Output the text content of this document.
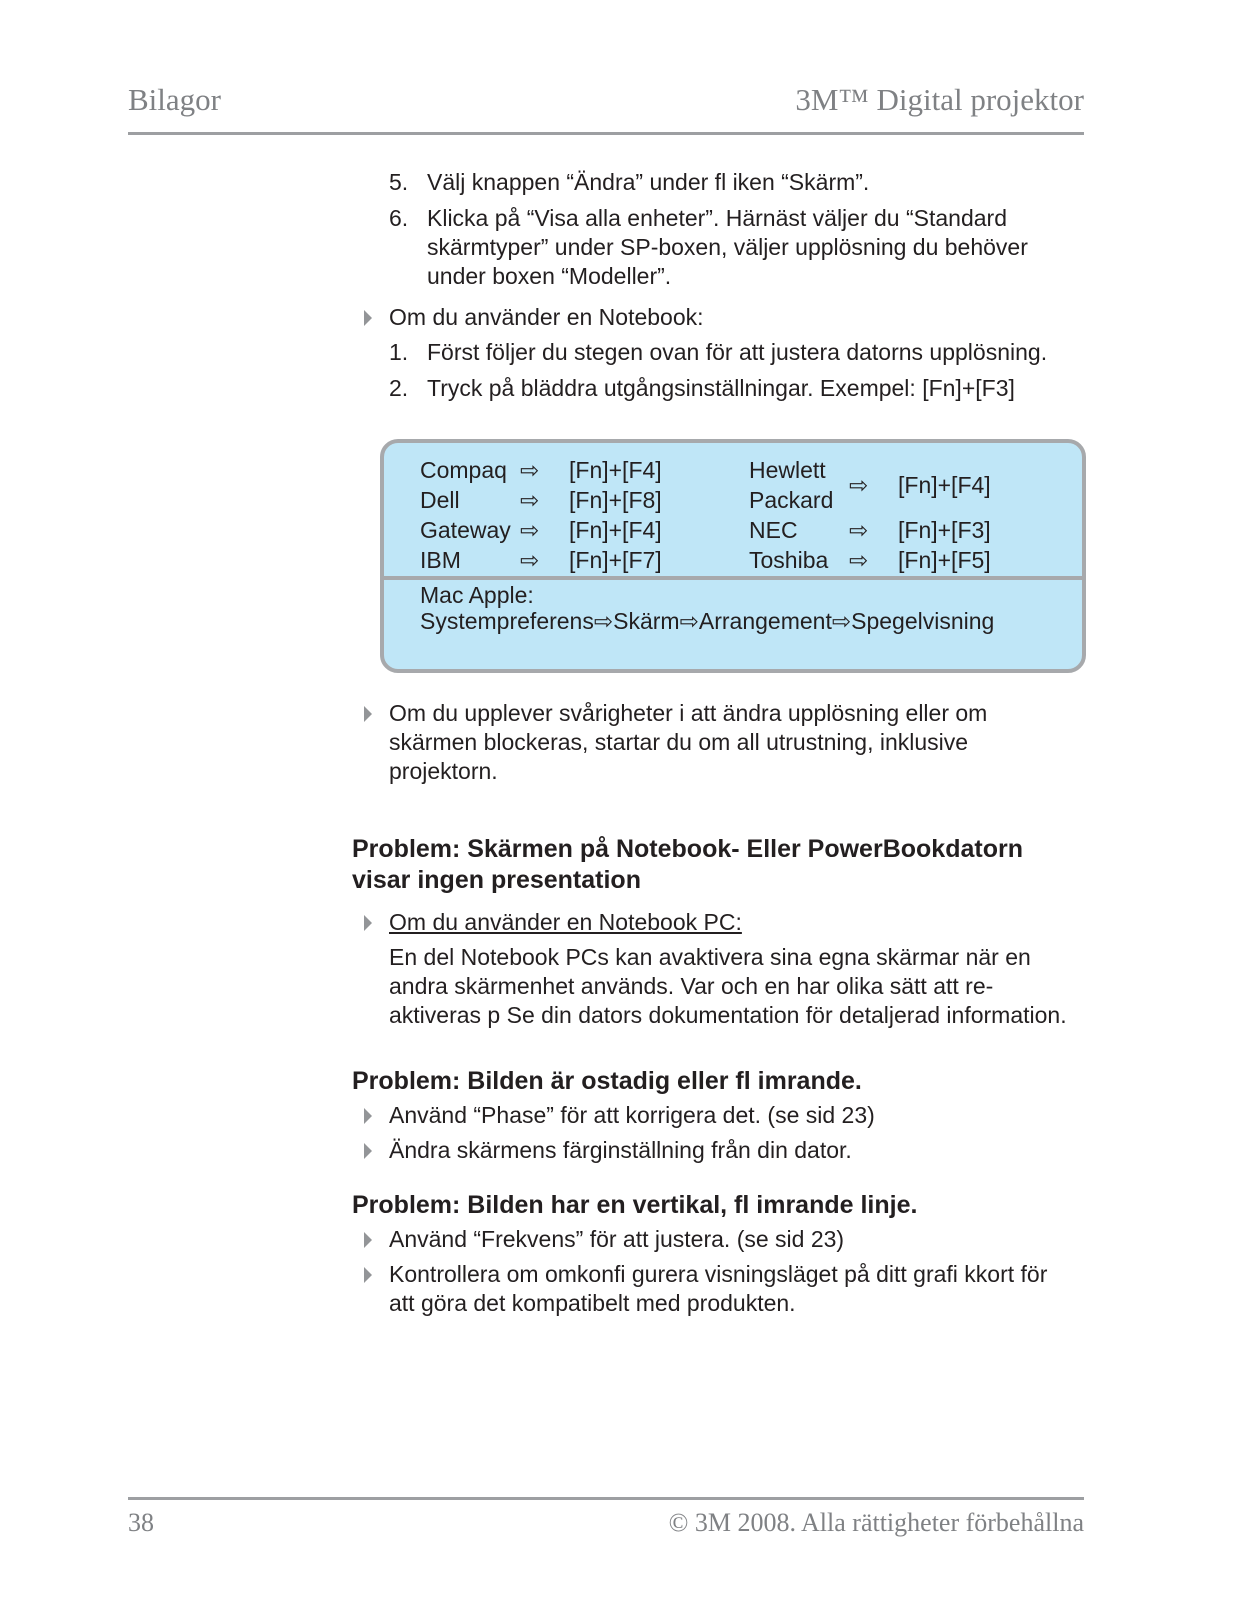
Bilagor	3M™ Digital projektor
5. Välj knappen “Ändra” under fl iken “Skärm”.
6. Klicka på “Visa alla enheter”. Härnäst väljer du “Standard
skärmtyper” under SP-boxen, väljer upplösning du behöver
under boxen “Modeller”.
Om du använder en Notebook:
1. Först följer du stegen ovan för att justera datorns upplösning.
2. Tryck på bläddra utgångsinställningar. Exempel: [Fn]+[F3]
Compaq
Dell
Gateway
IBM
⇨
⇨
⇨
⇨
[Fn]+[F4]
[Fn]+[F8]
[Fn]+[F4]
[Fn]+[F7]
Hewlett
Packard
NEC
Toshiba
⇨
⇨
⇨
[Fn]+[F4]
[Fn]+[F3]
[Fn]+[F5]
Mac Apple:
Systempreferens⇨Skärm⇨Arrangement⇨Spegelvisning
Om du upplever svårigheter i att ändra upplösning eller om
skärmen blockeras, startar du om all utrustning, inklusive
projektorn.
Problem: Skärmen på Notebook- Eller PowerBookdatorn
visar ingen presentation
Om du använder en Notebook PC:
En del Notebook PCs kan avaktivera sina egna skärmar när en
andra skärmenhet används. Var och en har olika sätt att re-
aktiveras p Se din dators dokumentation för detaljerad information.
Problem: Bilden är ostadig eller fl imrande.
Använd “Phase” för att korrigera det. (se sid 23)
Ändra skärmens färginställning från din dator.
Problem: Bilden har en vertikal, fl imrande linje.
Använd “Frekvens” för att justera. (se sid 23)
Kontrollera om omkonfi gurera visningsläget på ditt grafi kkort för
att göra det kompatibelt med produkten.
38	© 3M 2008. Alla rättigheter förbehållna
